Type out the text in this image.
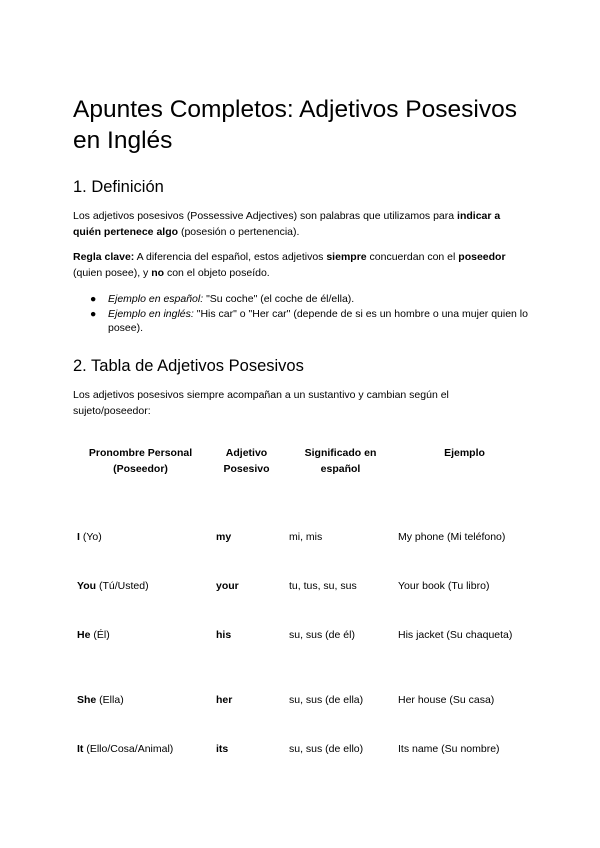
Apuntes Completos: Adjetivos Posesivos en Inglés
1. Definición

Los adjetivos posesivos (Possessive Adjectives) son palabras que utilizamos para indicar a quién pertenece algo (posesión o pertenencia).

Regla clave: A diferencia del español, estos adjetivos siempre concuerdan con el poseedor (quien posee), y no con el objeto poseído.

● Ejemplo en español: "Su coche" (el coche de él/ella).
● Ejemplo en inglés: "His car" o "Her car" (depende de si es un hombre o una mujer quien lo posee).
2. Tabla de Adjetivos Posesivos

Los adjetivos posesivos siempre acompañan a un sustantivo y cambian según el sujeto/poseedor:

Pronombre Personal (Poseedor)	Adjetivo Posesivo	Significado en español	Ejemplo
I (Yo)	my	mi, mis	My phone (Mi teléfono)
You (Tú/Usted)	your	tu, tus, su, sus	Your book (Tu libro)
He (Él)	his	su, sus (de él)	His jacket (Su chaqueta)
She (Ella)	her	su, sus (de ella)	Her house (Su casa)
It (Ello/Cosa/Animal)	its	su, sus (de ello)	Its name (Su nombre)
